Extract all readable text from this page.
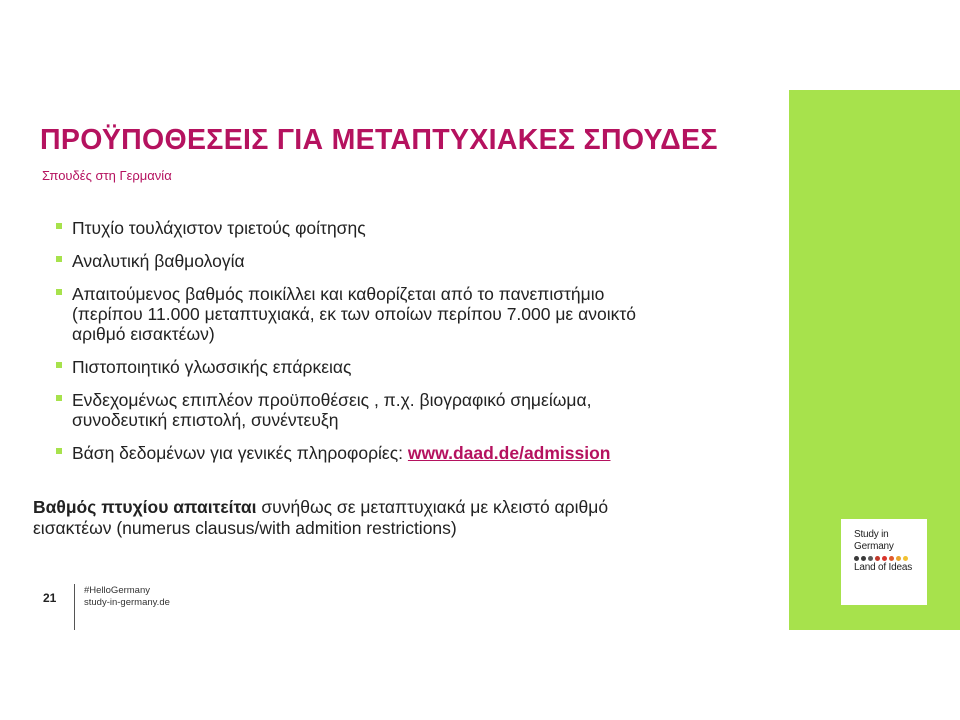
ΠΡΟΫΠΟΘΕΣΕΙΣ ΓΙΑ ΜΕΤΑΠΤΥΧΙΑΚΕΣ ΣΠΟΥΔΕΣ
Σπουδές στη Γερμανία
Πτυχίο τουλάχιστον τριετούς φοίτησης
Αναλυτική βαθμολογία
Απαιτούμενος βαθμός ποικίλλει και καθορίζεται από το πανεπιστήμιο
(περίπου 11.000 μεταπτυχιακά, εκ των οποίων περίπου 7.000 με ανοικτό
αριθμό εισακτέων)
Πιστοποιητικό γλωσσικής επάρκειας
Ενδεχομένως επιπλέον προϋποθέσεις , π.χ. βιογραφικό σημείωμα,
συνοδευτική επιστολή, συνέντευξη
Βάση δεδομένων για γενικές πληροφορίες: www.daad.de/admission
Βαθμός πτυχίου απαιτείται συνήθως σε μεταπτυχιακά με κλειστό αριθμό
εισακτέων (numerus clausus/with admition restrictions)
21
#HelloGermany
study-in-germany.de
Study in
Germany
Land of Ideas
